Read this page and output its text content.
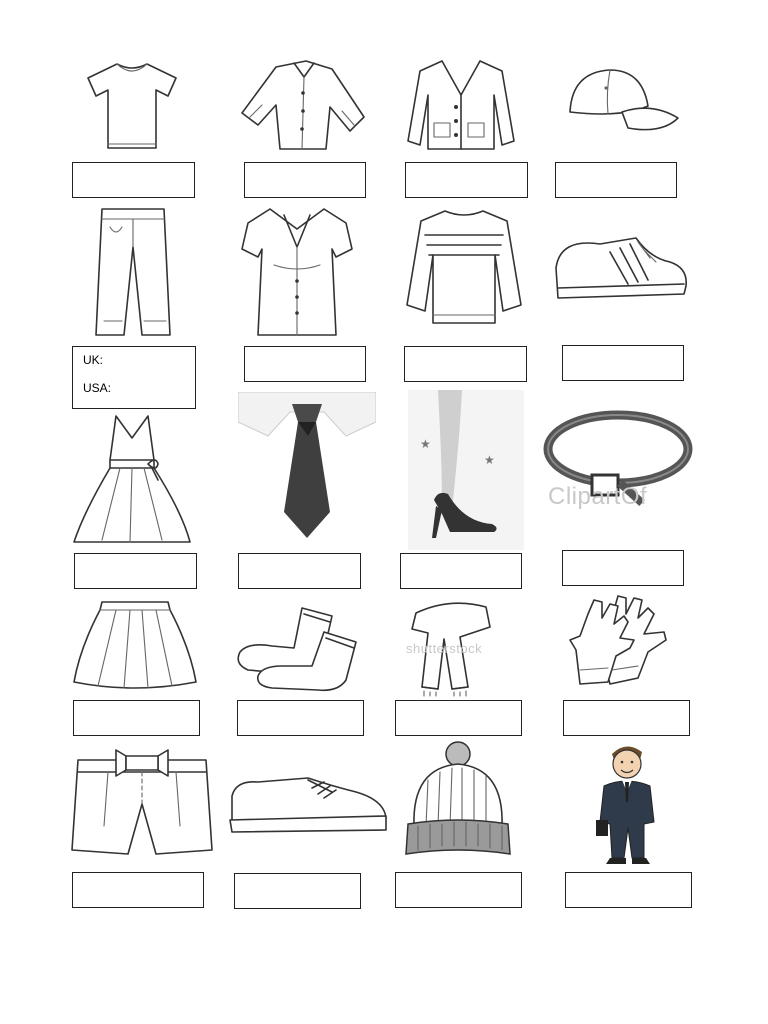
UK:
USA:
★
★
ClipartOf
shutterstock
